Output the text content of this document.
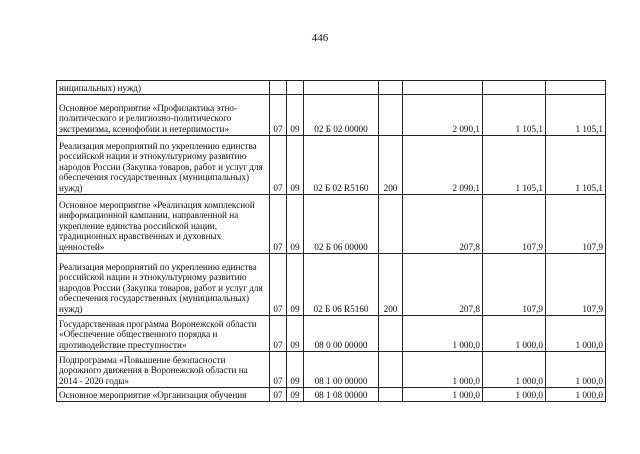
446
ниципальных) нужд)							
Основное мероприятие «Профилактика этно-политического и религиозно-политического экстремизма, ксенофобии и нетерпимости»	07	09	02 Б 02 00000		2 090,1	1 105,1	1 105,1
Реализация мероприятий по укреплению единства российской нации и этнокультурному развитию народов России (Закупка товаров, работ и услуг для обеспечения государственных (муниципальных) нужд)	07	09	02 Б 02 R5160	200	2 090,1	1 105,1	1 105,1
Основное мероприятие «Реализация комплексной информационной кампании, направленной на укрепление единства российской нации, традиционных нравственных и духовных ценностей»	07	09	02 Б 06 00000		207,8	107,9	107,9
Реализация мероприятий по укреплению единства российской нации и этнокультурному развитию народов России (Закупка товаров, работ и услуг для обеспечения государственных (муниципальных) нужд)	07	09	02 Б 06 R5160	200	207,8	107,9	107,9
Государственная программа Воронежской области «Обеспечение общественного порядка и противодействие преступности»	07	09	08 0 00 00000		1 000,0	1 000,0	1 000,0
Подпрограмма «Повышение безопасности дорожного движения в Воронежской области на 2014 - 2020 годы»	07	09	08 1 00 00000		1 000,0	1 000,0	1 000,0
Основное мероприятие «Организация обучения	07	09	08 1 08 00000		1 000,0	1 000,0	1 000,0
